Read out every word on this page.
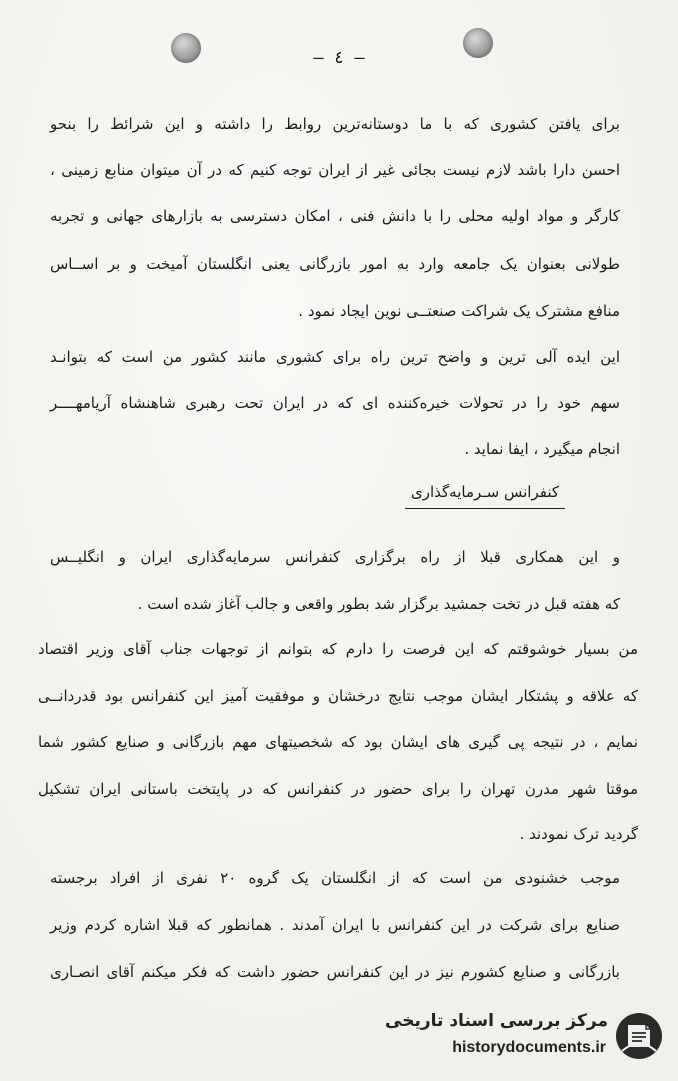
— ٤ —
برای یافتن کشوری که با ما دوستانه‌ترین روابط را داشته و این شرائط را بنحو
احسن دارا باشد لازم نیست بجائی غیر از ایران توجه کنیم که در آن میتوان منابع زمینی ،
کارگر و مواد اولیه محلی را با دانش فنی ، امکان دسترسی به بازارهای جهانی و تجربه
طولانی بعنوان یک جامعه وارد به امور بازرگانی یعنی انگلستان آمیخت و بر اســاس
منافع مشترک یک شراکت صنعتــی نوین ایجاد نمود .
این ایده آلی ترین و واضح ترین راه برای کشوری مانند کشور من است که بتوانـد
سهم خود را در تحولات خیره‌کننده ای که در ایران تحت رهبری شاهنشاه آریامهــــر
انجام میگیرد ، ایفا نماید .
کنفرانس سـرمایه‌گذاری
و این همکاری قبلا از راه برگزاری کنفرانس سرمایه‌گذاری ایران و انگلیــس
که هفته قبل در تخت جمشید برگزار شد بطور واقعی و جالب آغاز شده است .
من بسیار خوشوقتم که این فرصت را دارم که بتوانم از توجهات جناب آقای وزیر اقتصاد
که علاقه و پشتکار ایشان موجب نتایج درخشان و موفقیت آمیز این کنفرانس بود قدردانــی
نمایم ، در نتیجه پی گیری های ایشان بود که شخصیتهای مهم بازرگانی و صنایع کشور شما
موقتا شهر مدرن تهران را برای حضور در کنفرانس که در پایتخت باستانی ایران تشکیل
گردید ترک نمودند .
موجب خشنودی من است که از انگلستان یک گروه ۲۰ نفری از افراد برجسته
صنایع برای شرکت در این کنفرانس با ایران آمدند . همانطور که قبلا اشاره کردم وزیر
بازرگانی و صنایع کشورم نیز در این کنفرانس حضور داشت که فکر میکنم آقای انصـاری
مرکز بررسی اسناد تاریخی
historydocuments.ir
